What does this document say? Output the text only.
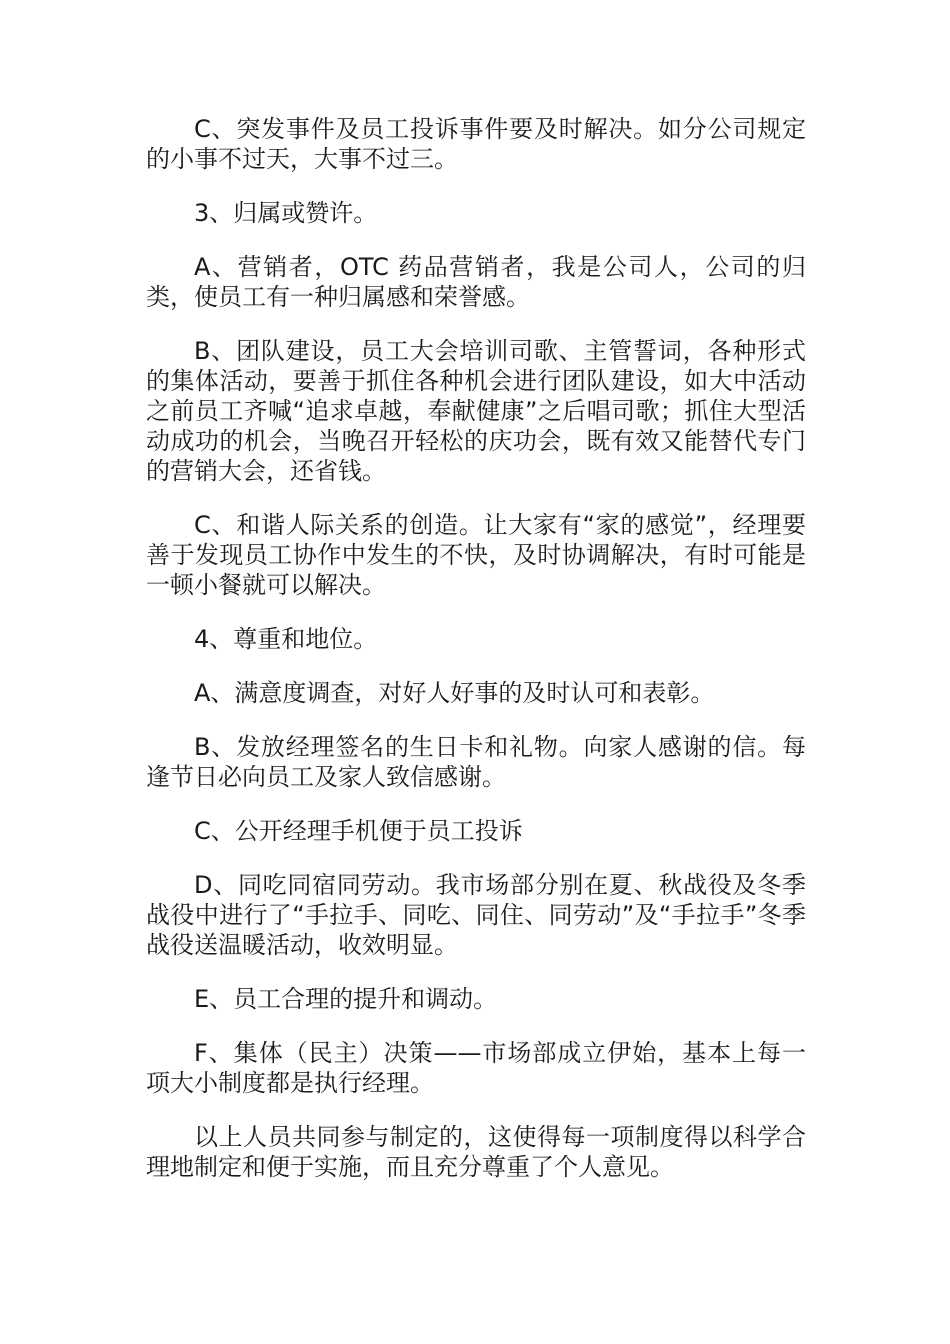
C、突发事件及员工投诉事件要及时解决。如分公司规定的小事不过天，大事不过三。

3、归属或赞许。

A、营销者，OTC 药品营销者，我是公司人，公司的归类，使员工有一种归属感和荣誉感。

B、团队建设，员工大会培训司歌、主管誓词，各种形式的集体活动，要善于抓住各种机会进行团队建设，如大中活动之前员工齐喊“追求卓越，奉献健康”之后唱司歌；抓住大型活动成功的机会，当晚召开轻松的庆功会，既有效又能替代专门的营销大会，还省钱。

C、和谐人际关系的创造。让大家有“家的感觉”，经理要善于发现员工协作中发生的不快，及时协调解决，有时可能是一顿小餐就可以解决。

4、尊重和地位。

A、满意度调查，对好人好事的及时认可和表彰。

B、发放经理签名的生日卡和礼物。向家人感谢的信。每逢节日必向员工及家人致信感谢。

C、公开经理手机便于员工投诉

D、同吃同宿同劳动。我市场部分别在夏、秋战役及冬季战役中进行了“手拉手、同吃、同住、同劳动”及“手拉手”冬季战役送温暖活动，收效明显。

E、员工合理的提升和调动。

F、集体（民主）决策——市场部成立伊始，基本上每一项大小制度都是执行经理。

以上人员共同参与制定的，这使得每一项制度得以科学合理地制定和便于实施，而且充分尊重了个人意见。
